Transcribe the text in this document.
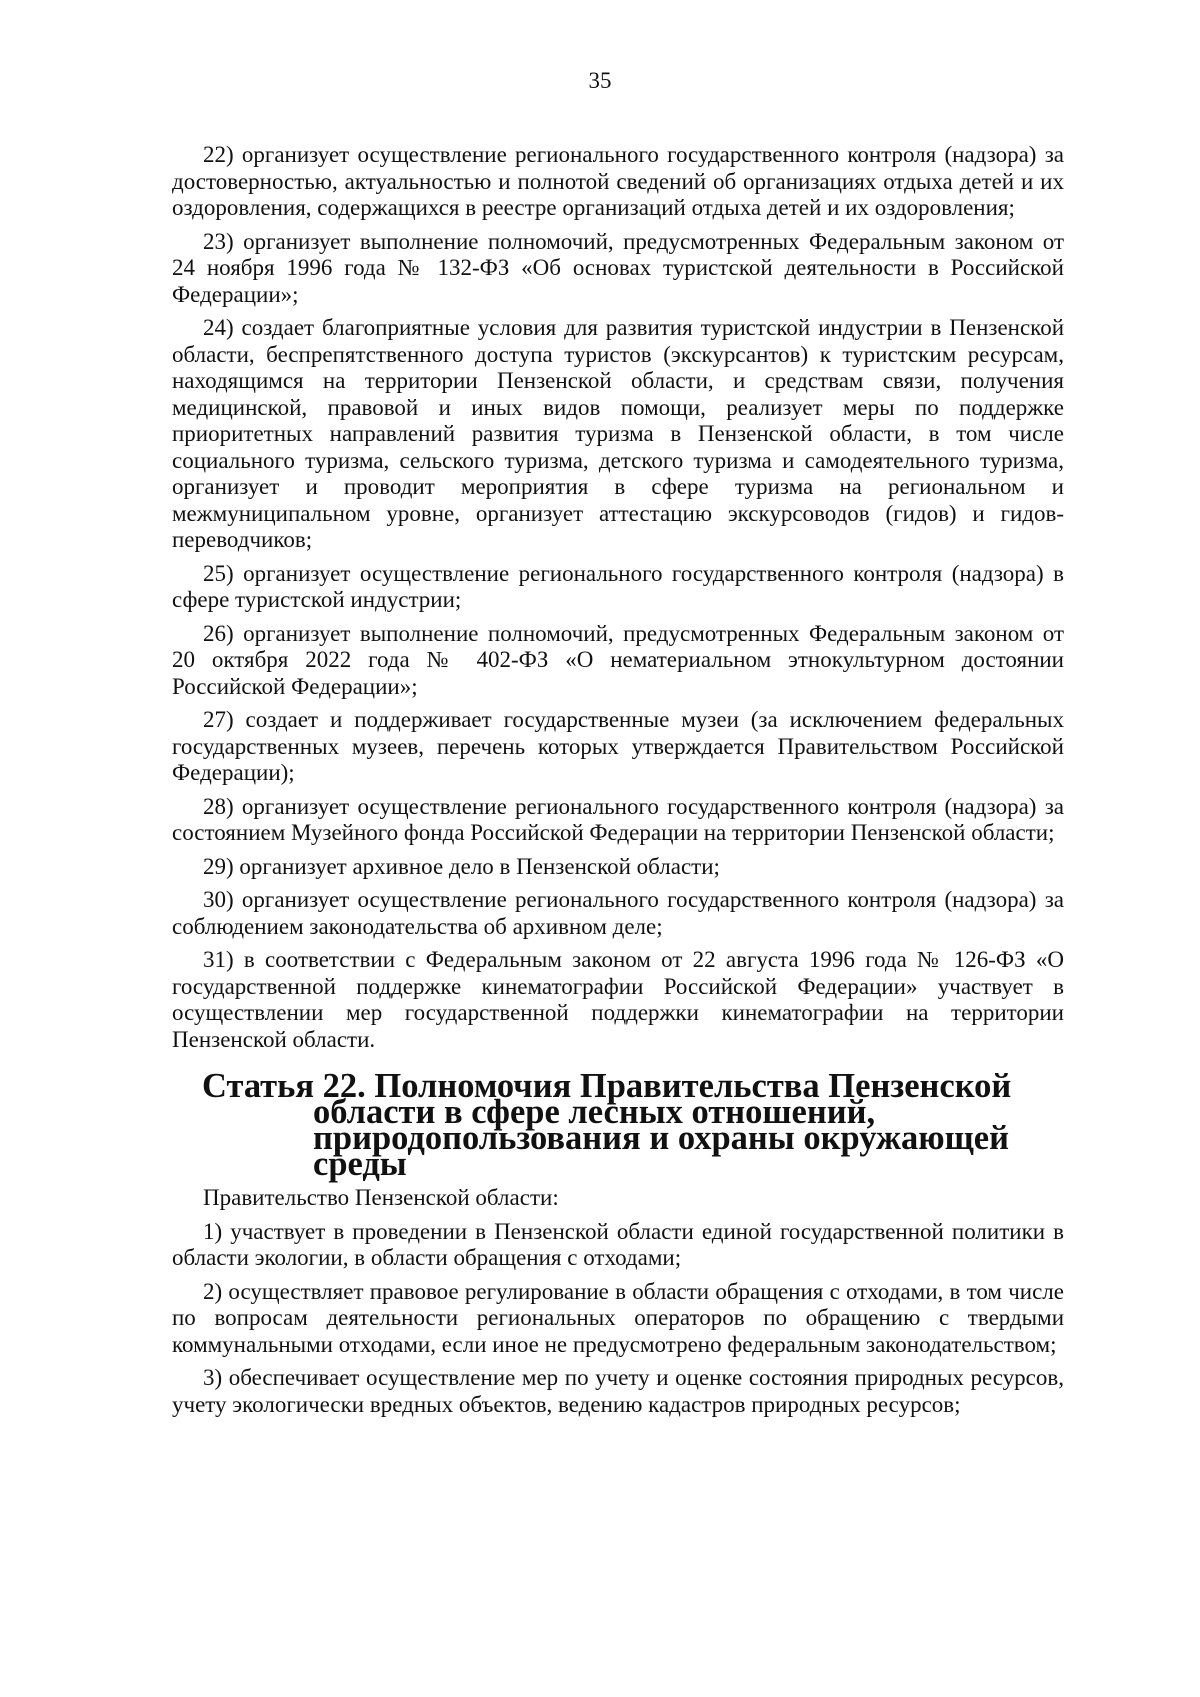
35

22) организует осуществление регионального государственного контроля (надзора) за достоверностью, актуальностью и полнотой сведений об организациях отдыха детей и их оздоровления, содержащихся в реестре организаций отдыха детей и их оздоровления;

23) организует выполнение полномочий, предусмотренных Федеральным законом от 24 ноября 1996 года № 132-ФЗ «Об основах туристской деятельности в Российской Федерации»;

24) создает благоприятные условия для развития туристской индустрии в Пензенской области, беспрепятственного доступа туристов (экскурсантов) к туристским ресурсам, находящимся на территории Пензенской области, и средствам связи, получения медицинской, правовой и иных видов помощи, реализует меры по поддержке приоритетных направлений развития туризма в Пензенской области, в том числе социального туризма, сельского туризма, детского туризма и самодеятельного туризма, организует и проводит мероприятия в сфере туризма на региональном и межмуниципальном уровне, организует аттестацию экскурсоводов (гидов) и гидов-переводчиков;

25) организует осуществление регионального государственного контроля (надзора) в сфере туристской индустрии;

26) организует выполнение полномочий, предусмотренных Федеральным законом от 20 октября 2022 года № 402-ФЗ «О нематериальном этнокультурном достоянии Российской Федерации»;

27) создает и поддерживает государственные музеи (за исключением федеральных государственных музеев, перечень которых утверждается Правительством Российской Федерации);

28) организует осуществление регионального государственного контроля (надзора) за состоянием Музейного фонда Российской Федерации на территории Пензенской области;

29) организует архивное дело в Пензенской области;

30) организует осуществление регионального государственного контроля (надзора) за соблюдением законодательства об архивном деле;

31) в соответствии с Федеральным законом от 22 августа 1996 года № 126-ФЗ «О государственной поддержке кинематографии Российской Федерации» участвует в осуществлении мер государственной поддержки кинематографии на территории Пензенской области.

Статья 22. Полномочия Правительства Пензенской области в сфере лесных отношений, природопользования и охраны окружающей среды

Правительство Пензенской области:

1) участвует в проведении в Пензенской области единой государственной политики в области экологии, в области обращения с отходами;

2) осуществляет правовое регулирование в области обращения с отходами, в том числе по вопросам деятельности региональных операторов по обращению с твердыми коммунальными отходами, если иное не предусмотрено федеральным законодательством;

3) обеспечивает осуществление мер по учету и оценке состояния природных ресурсов, учету экологически вредных объектов, ведению кадастров природных ресурсов;
